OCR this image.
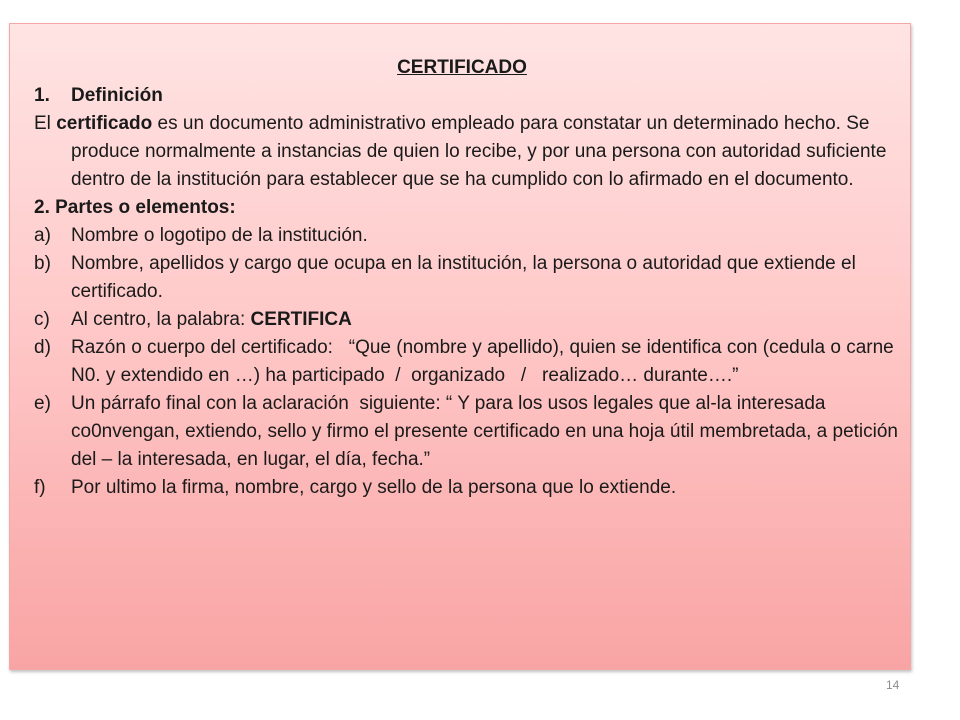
CERTIFICADO
1.	Definición

El certificado es un documento administrativo empleado para constatar un determinado hecho. Se produce normalmente a instancias de quien lo recibe, y por una persona con autoridad suficiente dentro de la institución para establecer que se ha cumplido con lo afirmado en el documento.

2. Partes o elementos:
a)	Nombre o logotipo de la institución.
b)	Nombre, apellidos y cargo que ocupa en la institución, la persona o autoridad que extiende el certificado.
c)	Al centro, la palabra: CERTIFICA
d)	Razón o cuerpo del certificado:   “Que (nombre y apellido), quien se identifica con (cedula o carne N0. y extendido en …) ha participado  /  organizado   /   realizado… durante….”
e)	Un párrafo final con la aclaración  siguiente: “ Y para los usos legales que al-la interesada co0nvengan, extiendo, sello y firmo el presente certificado en una hoja útil membretada, a petición del – la interesada, en lugar, el día, fecha.”
f)	Por ultimo la firma, nombre, cargo y sello de la persona que lo extiende.
14
